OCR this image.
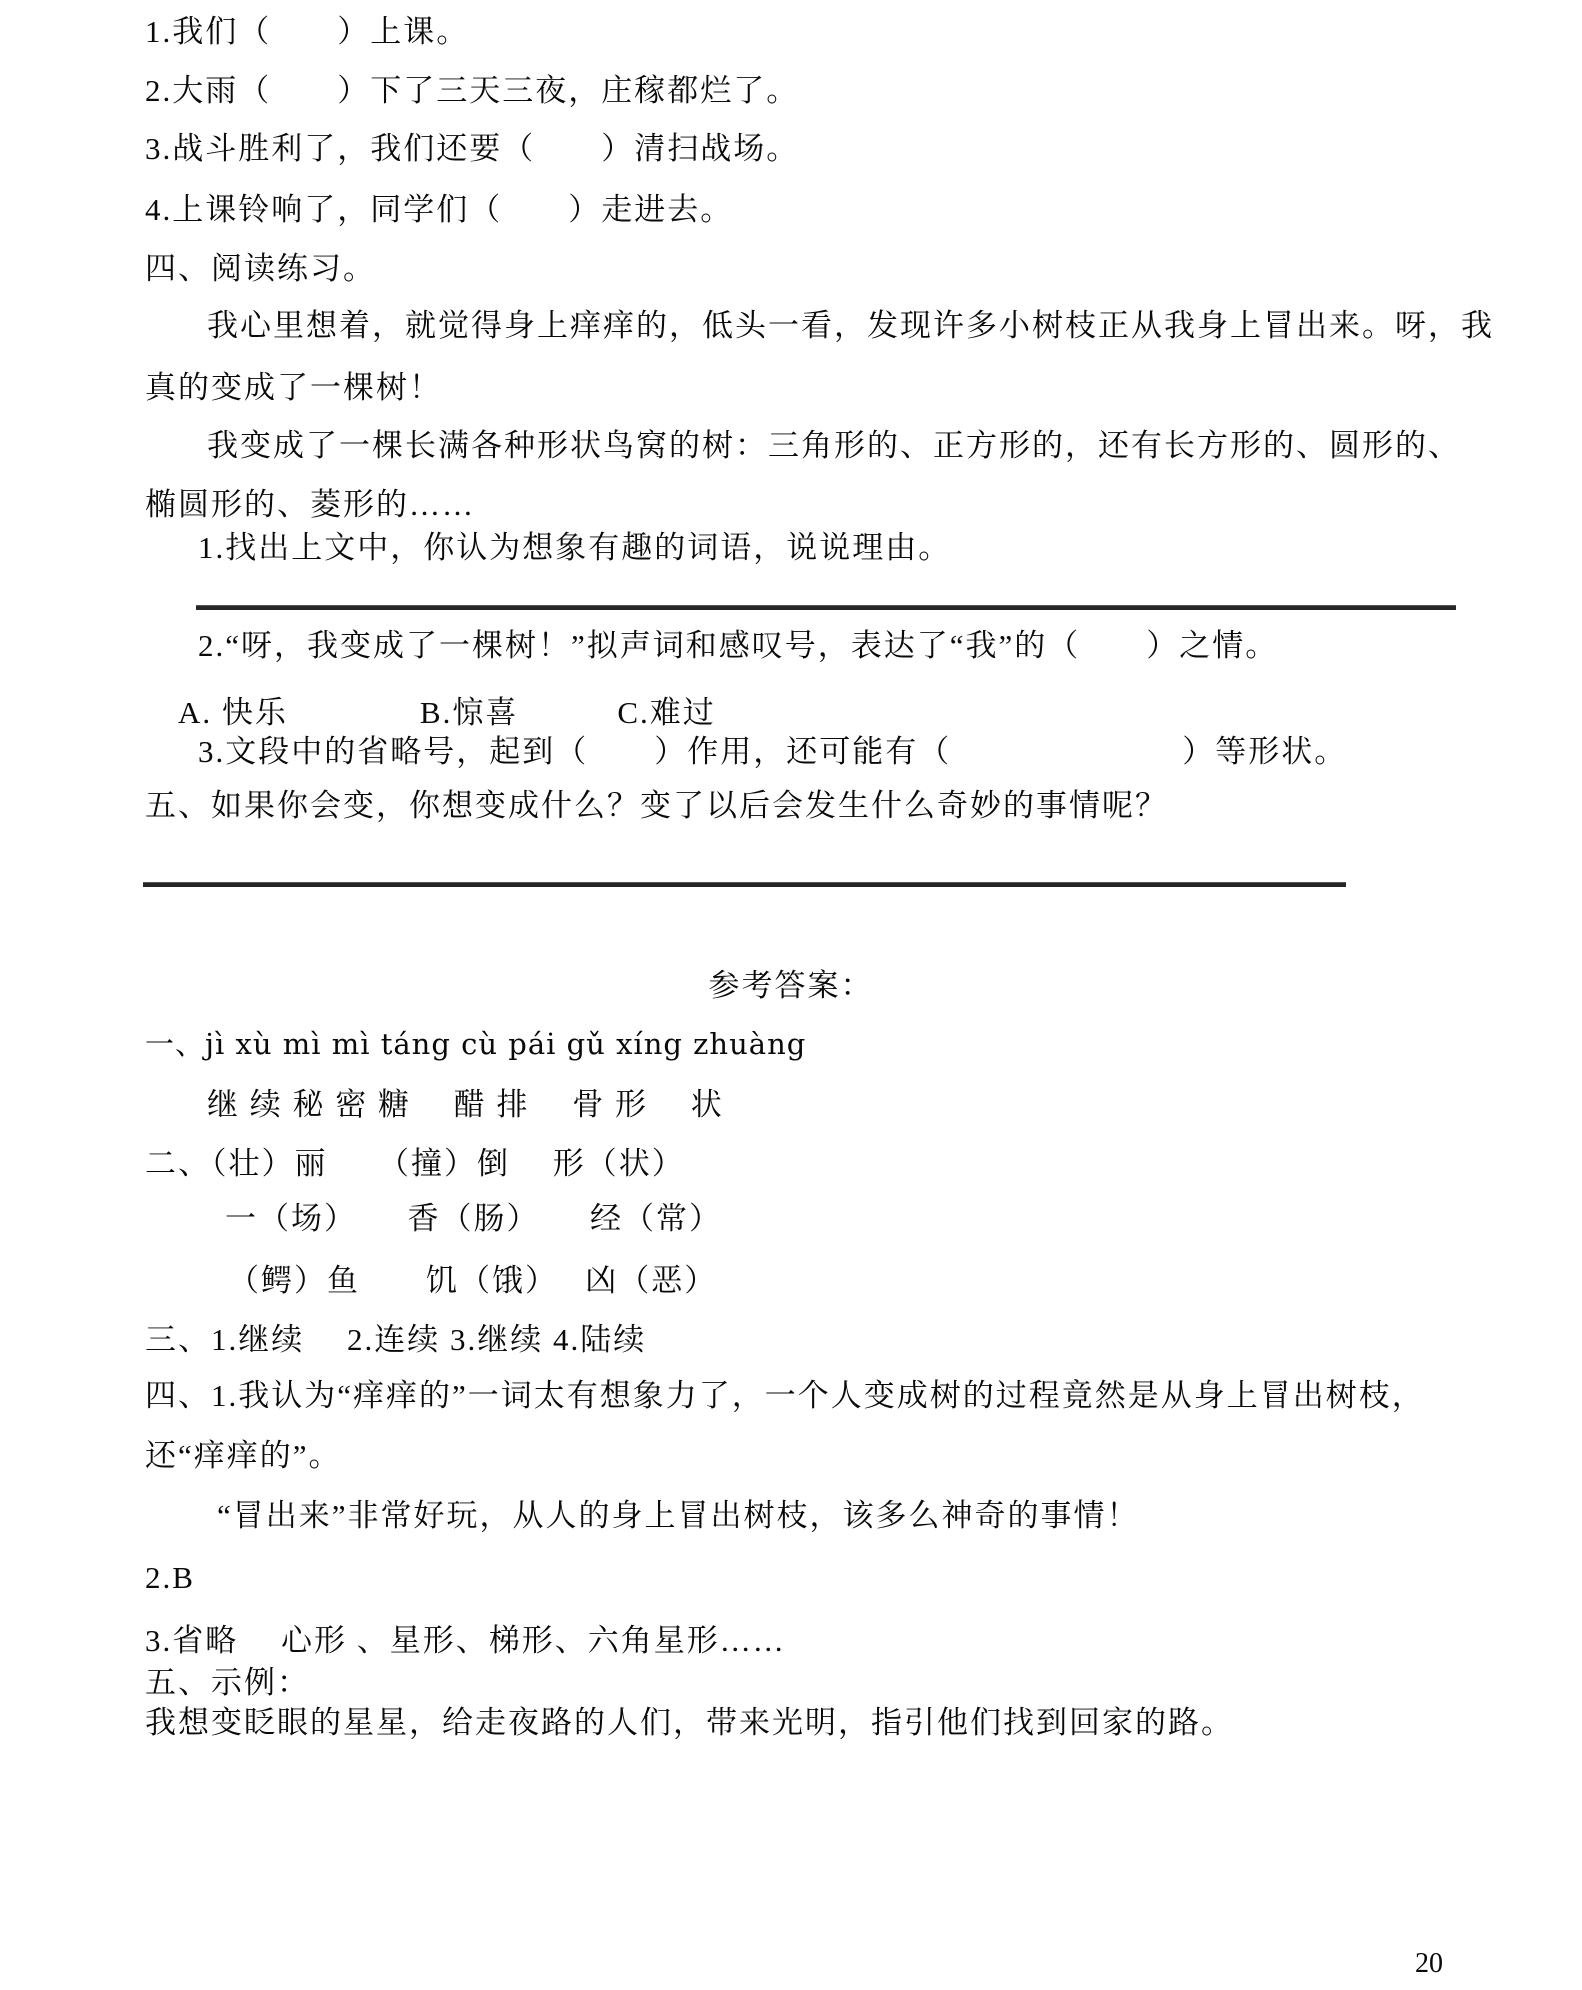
1.我们（　　）上课。
2.大雨（　　）下了三天三夜，庄稼都烂了。
3.战斗胜利了，我们还要（　　）清扫战场。
4.上课铃响了，同学们（　　）走进去。
四、阅读练习。
我心里想着，就觉得身上痒痒的，低头一看，发现许多小树枝正从我身上冒出来。呀，我
真的变成了一棵树！
我变成了一棵长满各种形状鸟窝的树：三角形的、正方形的，还有长方形的、圆形的、
椭圆形的、菱形的……
1.找出上文中，你认为想象有趣的词语，说说理由。
2.“呀，我变成了一棵树！”拟声词和感叹号，表达了“我”的（　　）之情。
A. 快乐　　　　B.惊喜　　　C.难过
3.文段中的省略号，起到（　　）作用，还可能有（　　　　　　　）等形状。
五、如果你会变，你想变成什么？变了以后会发生什么奇妙的事情呢？
参考答案：
一、jì xù mì mì táng cù pái gǔ xíng zhuàng
继 续 秘 密 糖　 醋 排　 骨 形　 状
二、（壮）丽　　（撞）倒　 形（状）
一（场）　　香（肠）　　经（常）
（鳄）鱼　　饥（饿）　 凶（恶）
三、1.继续　 2.连续 3.继续 4.陆续
四、1.我认为“痒痒的”一词太有想象力了，一个人变成树的过程竟然是从身上冒出树枝，
还“痒痒的”。
“冒出来”非常好玩，从人的身上冒出树枝，该多么神奇的事情！
2.B
3.省略　 心形 、星形、梯形、六角星形……
五、示例：
我想变眨眼的星星，给走夜路的人们，带来光明，指引他们找到回家的路。
20
